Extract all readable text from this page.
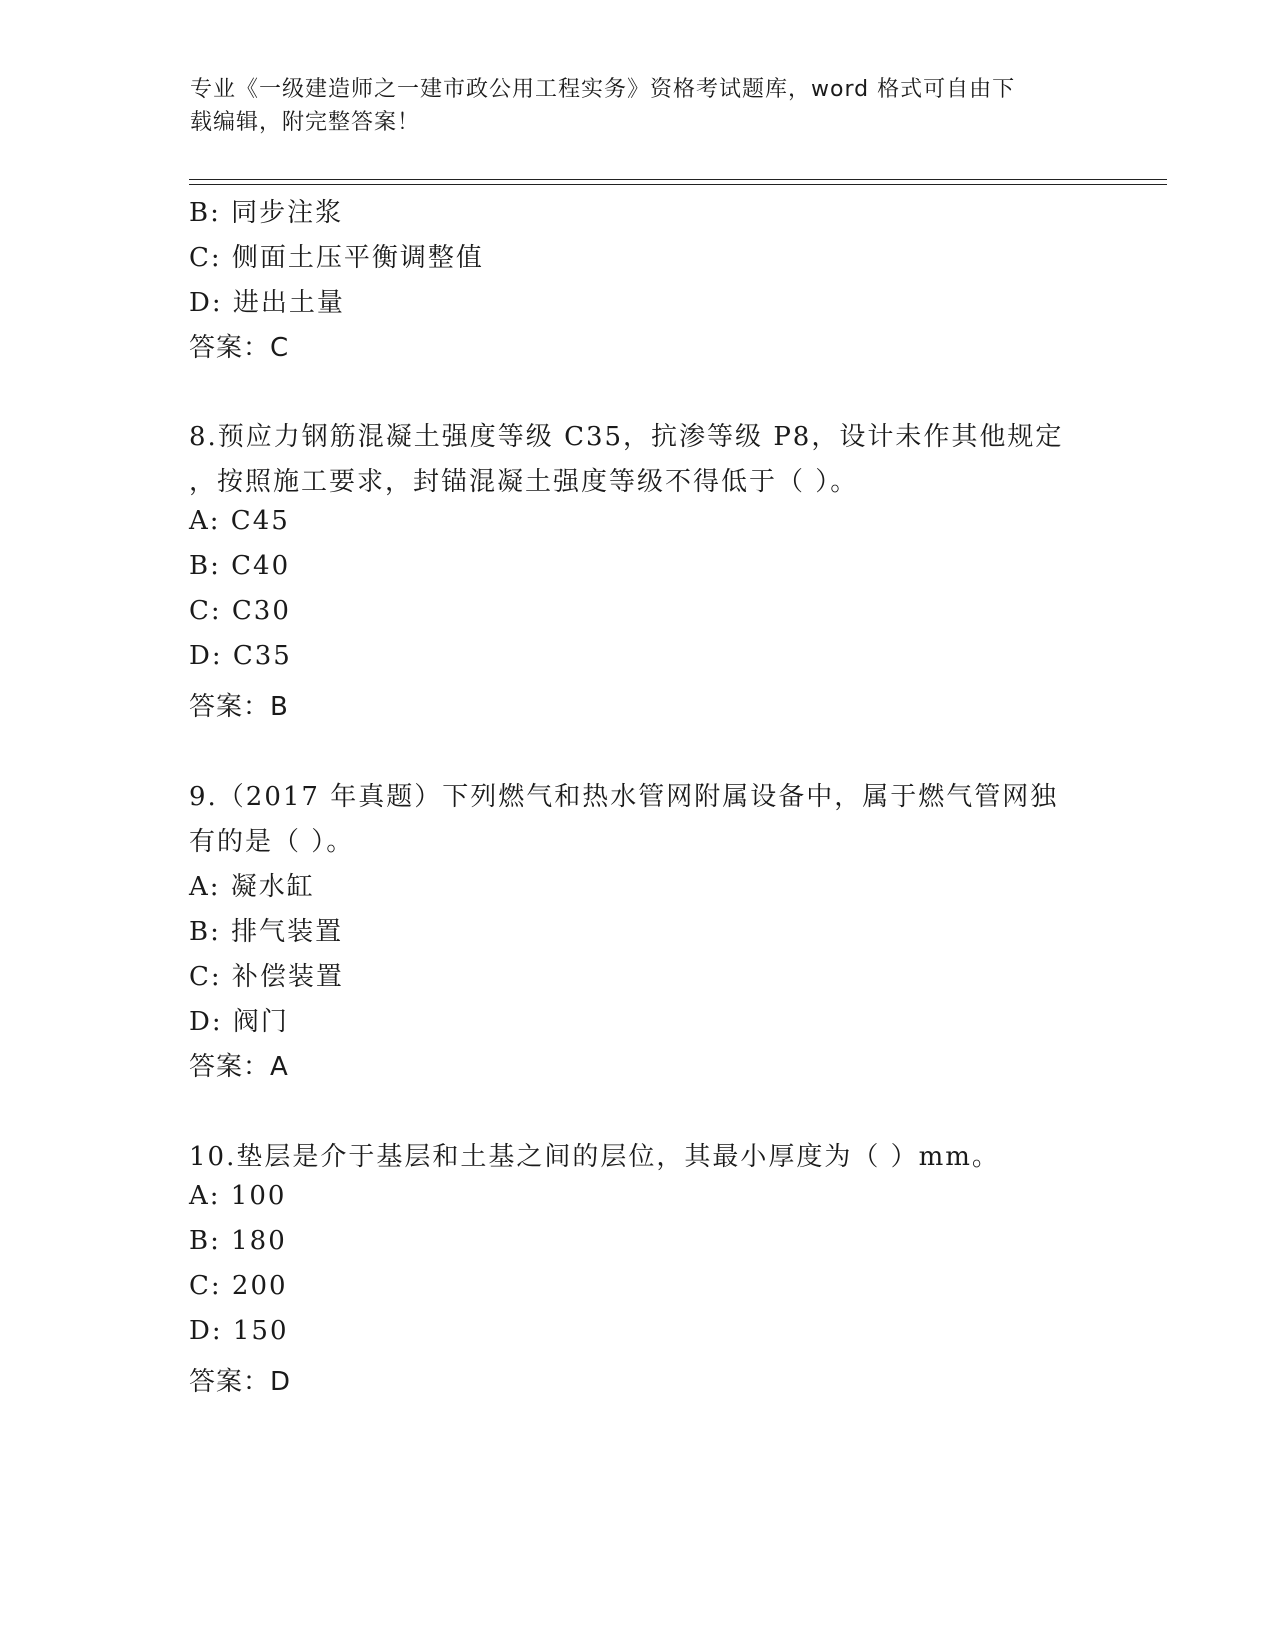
专业《一级建造师之一建市政公用工程实务》资格考试题库，word 格式可自由下
载编辑，附完整答案！
B: 同步注浆
C: 侧面土压平衡调整值
D: 进出土量
答案：C
8.预应力钢筋混凝土强度等级 C35，抗渗等级 P8，设计未作其他规定
，按照施工要求，封锚混凝土强度等级不得低于（ ）。
A: C45
B: C40
C: C30
D: C35
答案：B
9.（2017 年真题）下列燃气和热水管网附属设备中，属于燃气管网独
有的是（ ）。
A: 凝水缸
B: 排气装置
C: 补偿装置
D: 阀门
答案：A
10.垫层是介于基层和土基之间的层位，其最小厚度为（ ）mm。
A: 100
B: 180
C: 200
D: 150
答案：D
